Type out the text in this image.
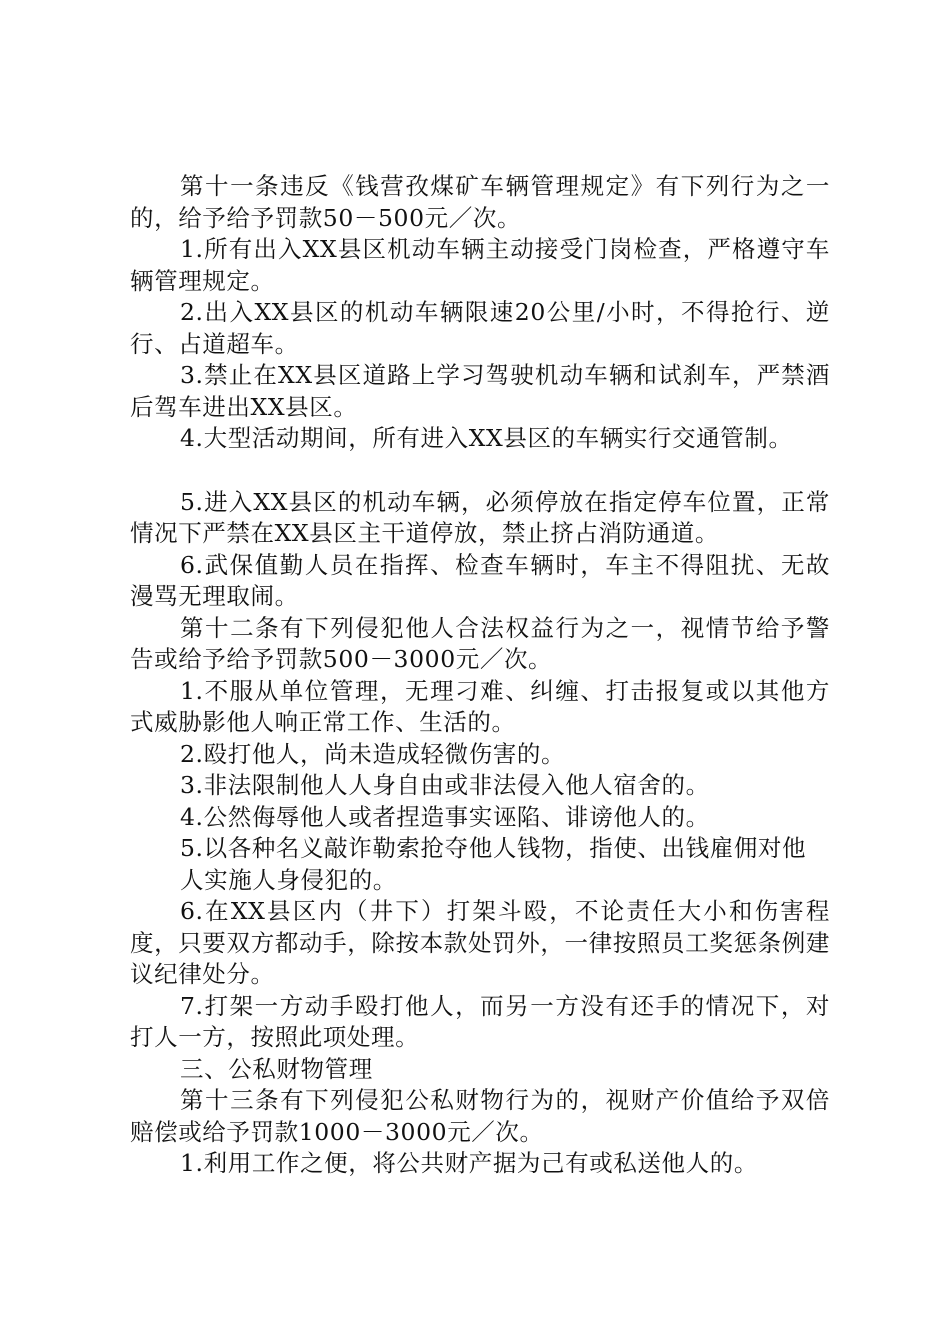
第十一条违反《钱营孜煤矿车辆管理规定》有下列行为之一的，给予给予罚款50－500元／次。

1.所有出入XX县区机动车辆主动接受门岗检查，严格遵守车辆管理规定。

2.出入XX县区的机动车辆限速20公里/小时，不得抢行、逆行、占道超车。

3.禁止在XX县区道路上学习驾驶机动车辆和试刹车，严禁酒后驾车进出XX县区。

4.大型活动期间，所有进入XX县区的车辆实行交通管制。

5.进入XX县区的机动车辆，必须停放在指定停车位置，正常情况下严禁在XX县区主干道停放，禁止挤占消防通道。

6.武保值勤人员在指挥、检查车辆时，车主不得阻扰、无故漫骂无理取闹。

第十二条有下列侵犯他人合法权益行为之一，视情节给予警告或给予给予罚款500－3000元／次。

1.不服从单位管理，无理刁难、纠缠、打击报复或以其他方式威胁影他人响正常工作、生活的。

2.殴打他人，尚未造成轻微伤害的。

3.非法限制他人人身自由或非法侵入他人宿舍的。

4.公然侮辱他人或者捏造事实诬陷、诽谤他人的。

5.以各种名义敲诈勒索抢夺他人钱物，指使、出钱雇佣对他

人实施人身侵犯的。

6.在XX县区内（井下）打架斗殴，不论责任大小和伤害程度，只要双方都动手，除按本款处罚外，一律按照员工奖惩条例建议纪律处分。

7.打架一方动手殴打他人，而另一方没有还手的情况下，对打人一方，按照此项处理。

三、公私财物管理

第十三条有下列侵犯公私财物行为的，视财产价值给予双倍赔偿或给予罚款1000－3000元／次。

1.利用工作之便，将公共财产据为己有或私送他人的。
